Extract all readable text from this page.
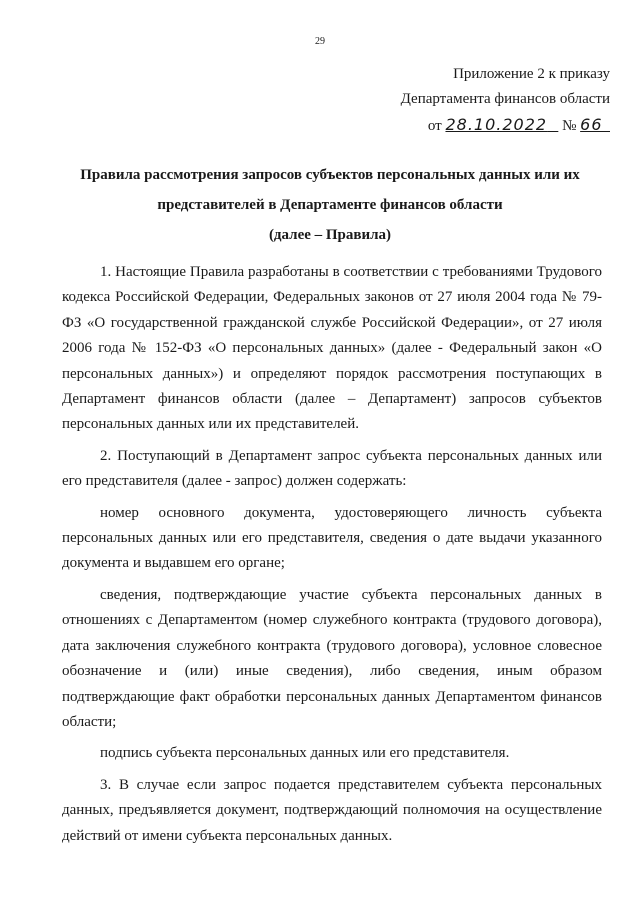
29
Приложение 2 к приказу
Департамента финансов области
от 28.10.2022 № 66
Правила рассмотрения запросов субъектов персональных данных или их
представителей в Департаменте финансов области
(далее – Правила)

1. Настоящие Правила разработаны в соответствии с требованиями Трудового кодекса Российской Федерации, Федеральных законов от 27 июля 2004 года № 79-ФЗ «О государственной гражданской службе Российской Федерации», от 27 июля 2006 года № 152-ФЗ «О персональных данных» (далее - Федеральный закон «О персональных данных») и определяют порядок рассмотрения поступающих в Департамент финансов области (далее – Департамент) запросов субъектов персональных данных или их представителей.

2. Поступающий в Департамент запрос субъекта персональных данных или его представителя (далее - запрос) должен содержать:

номер основного документа, удостоверяющего личность субъекта персональных данных или его представителя, сведения о дате выдачи указанного документа и выдавшем его органе;

сведения, подтверждающие участие субъекта персональных данных в отношениях с Департаментом (номер служебного контракта (трудового договора), дата заключения служебного контракта (трудового договора), условное словесное обозначение и (или) иные сведения), либо сведения, иным образом подтверждающие факт обработки персональных данных Департаментом финансов области;

подпись субъекта персональных данных или его представителя.

3. В случае если запрос подается представителем субъекта персональных данных, предъявляется документ, подтверждающий полномочия на осуществление действий от имени субъекта персональных данных.
